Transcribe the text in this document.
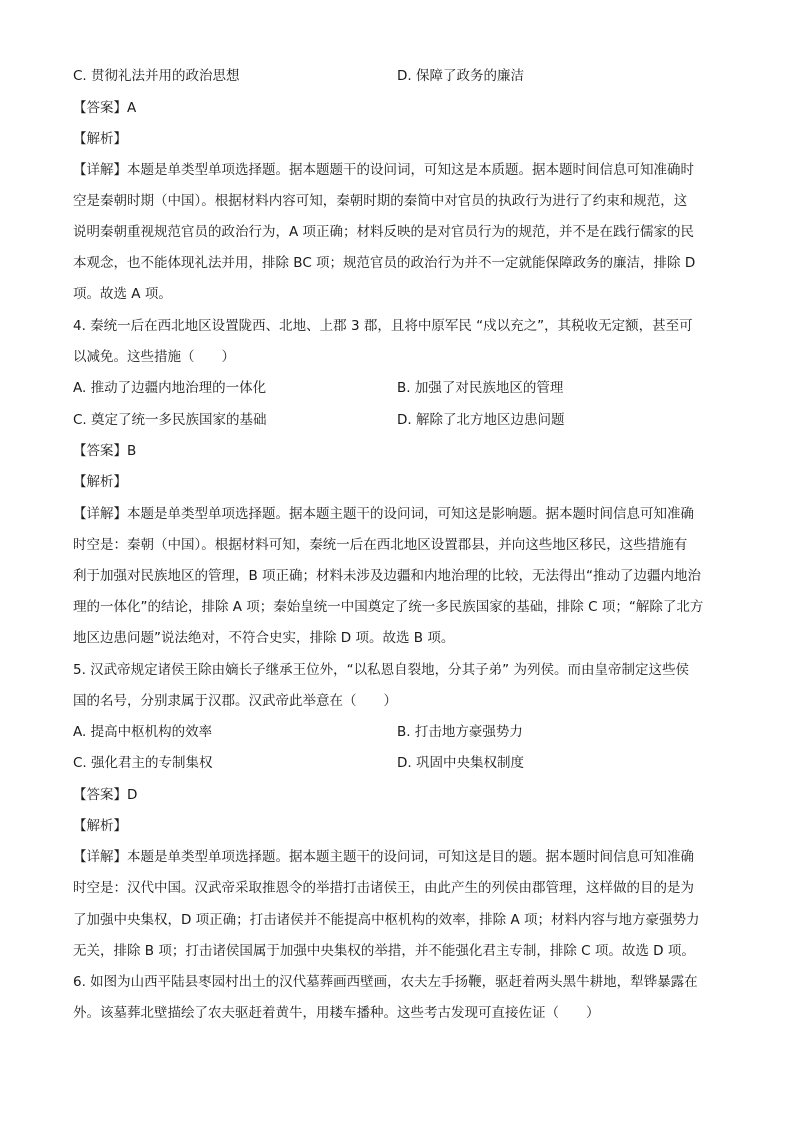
C. 贯彻礼法并用的政治思想	D. 保障了政务的廉洁
【答案】A
【解析】
【详解】本题是单类型单项选择题。据本题题干的设问词，可知这是本质题。据本题时间信息可知准确时
空是秦朝时期（中国）。根据材料内容可知，秦朝时期的秦简中对官员的执政行为进行了约束和规范，这
说明秦朝重视规范官员的政治行为，A 项正确；材料反映的是对官员行为的规范，并不是在践行儒家的民
本观念，也不能体现礼法并用，排除 BC 项；规范官员的政治行为并不一定就能保障政务的廉洁，排除 D
项。故选 A 项。
4. 秦统一后在西北地区设置陇西、北地、上郡 3 郡，且将中原军民 “戍以充之”，其税收无定额，甚至可
以减免。这些措施（　　）
A. 推动了边疆内地治理的一体化	B. 加强了对民族地区的管理
C. 奠定了统一多民族国家的基础	D. 解除了北方地区边患问题
【答案】B
【解析】
【详解】本题是单类型单项选择题。据本题主题干的设问词，可知这是影响题。据本题时间信息可知准确
时空是：秦朝（中国）。根据材料可知，秦统一后在西北地区设置郡县，并向这些地区移民，这些措施有
利于加强对民族地区的管理，B 项正确；材料未涉及边疆和内地治理的比较，无法得出“推动了边疆内地治
理的一体化”的结论，排除 A 项；秦始皇统一中国奠定了统一多民族国家的基础，排除 C 项；“解除了北方
地区边患问题”说法绝对，不符合史实，排除 D 项。故选 B 项。
5. 汉武帝规定诸侯王除由嫡长子继承王位外，“以私恩自裂地，分其子弟” 为列侯。而由皇帝制定这些侯
国的名号，分别隶属于汉郡。汉武帝此举意在（　　）
A. 提高中枢机构的效率	B. 打击地方豪强势力
C. 强化君主的专制集权	D. 巩固中央集权制度
【答案】D
【解析】
【详解】本题是单类型单项选择题。据本题主题干的设问词，可知这是目的题。据本题时间信息可知准确
时空是：汉代中国。汉武帝采取推恩令的举措打击诸侯王，由此产生的列侯由郡管理，这样做的目的是为
了加强中央集权，D 项正确；打击诸侯并不能提高中枢机构的效率，排除 A 项；材料内容与地方豪强势力
无关，排除 B 项；打击诸侯国属于加强中央集权的举措，并不能强化君主专制，排除 C 项。故选 D 项。
6. 如图为山西平陆县枣园村出土的汉代墓葬画西壁画，农夫左手扬鞭，驱赶着两头黑牛耕地，犁铧暴露在
外。该墓葬北壁描绘了农夫驱赶着黄牛，用耧车播种。这些考古发现可直接佐证（　　）
